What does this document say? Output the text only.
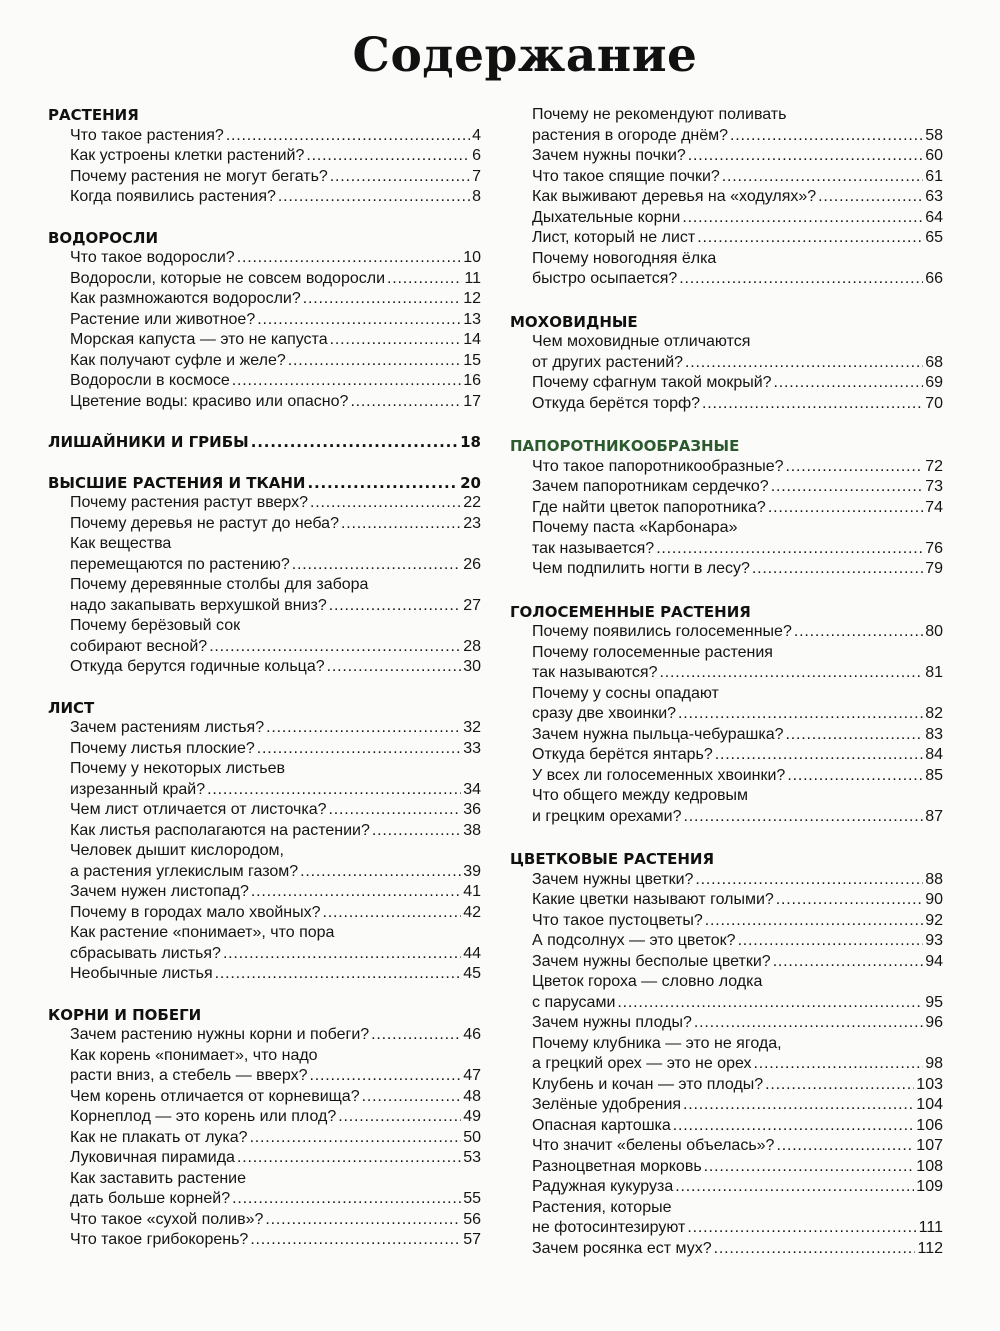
Содержание
РАСТЕНИЯ
Что такое растения? .....	4
Как устроены клетки растений? .....	6
Почему растения не могут бегать? .....	7
Когда появились растения? .....	8
ВОДОРОСЛИ
Что такое водоросли? .....	10
Водоросли, которые не совсем водоросли .....	11
Как размножаются водоросли? .....	12
Растение или животное? .....	13
Морская капуста — это не капуста .....	14
Как получают суфле и желе? .....	15
Водоросли в космосе .....	16
Цветение воды: красиво или опасно? .....	17
ЛИШАЙНИКИ И ГРИБЫ .....	18
ВЫСШИЕ РАСТЕНИЯ И ТКАНИ .....	20
Почему растения растут вверх? .....	22
Почему деревья не растут до неба? .....	23
Как вещества
перемещаются по растению? .....	26
Почему деревянные столбы для забора
надо закапывать верхушкой вниз? .....	27
Почему берёзовый сок
собирают весной? .....	28
Откуда берутся годичные кольца? .....	30
ЛИСТ
Зачем растениям листья? .....	32
Почему листья плоские? .....	33
Почему у некоторых листьев
изрезанный край? .....	34
Чем лист отличается от листочка? .....	36
Как листья располагаются на растении? .....	38
Человек дышит кислородом,
а растения углекислым газом? .....	39
Зачем нужен листопад? .....	41
Почему в городах мало хвойных? .....	42
Как растение «понимает», что пора
сбрасывать листья? .....	44
Необычные листья .....	45
КОРНИ И ПОБЕГИ
Зачем растению нужны корни и побеги? .....	46
Как корень «понимает», что надо
расти вниз, а стебель — вверх? .....	47
Чем корень отличается от корневища? .....	48
Корнеплод — это корень или плод? .....	49
Как не плакать от лука? .....	50
Луковичная пирамида .....	53
Как заставить растение
дать больше корней? .....	55
Что такое «сухой полив»? .....	56
Что такое грибокорень? .....	57
Почему не рекомендуют поливать
растения в огороде днём? .....	58
Зачем нужны почки? .....	60
Что такое спящие почки? .....	61
Как выживают деревья на «ходулях»? .....	63
Дыхательные корни .....	64
Лист, который не лист .....	65
Почему новогодняя ёлка
быстро осыпается? .....	66
МОХОВИДНЫЕ
Чем моховидные отличаются
от других растений? .....	68
Почему сфагнум такой мокрый? .....	69
Откуда берётся торф? .....	70
ПАПОРОТНИКООБРАЗНЫЕ
Что такое папоротникообразные? .....	72
Зачем папоротникам сердечко? .....	73
Где найти цветок папоротника? .....	74
Почему паста «Карбонара»
так называется? .....	76
Чем подпилить ногти в лесу? .....	79
ГОЛОСЕМЕННЫЕ РАСТЕНИЯ
Почему появились голосеменные? .....	80
Почему голосеменные растения
так называются? .....	81
Почему у сосны опадают
сразу две хвоинки? .....	82
Зачем нужна пыльца-чебурашка? .....	83
Откуда берётся янтарь? .....	84
У всех ли голосеменных хвоинки? .....	85
Что общего между кедровым
и грецким орехами? .....	87
ЦВЕТКОВЫЕ РАСТЕНИЯ
Зачем нужны цветки? .....	88
Какие цветки называют голыми? .....	90
Что такое пустоцветы? .....	92
А подсолнух — это цветок? .....	93
Зачем нужны бесполые цветки? .....	94
Цветок гороха — словно лодка
с парусами .....	95
Зачем нужны плоды? .....	96
Почему клубника — это не ягода,
а грецкий орех — это не орех .....	98
Клубень и кочан — это плоды? .....	103
Зелёные удобрения .....	104
Опасная картошка .....	106
Что значит «белены объелась»? .....	107
Разноцветная морковь .....	108
Радужная кукуруза .....	109
Растения, которые
не фотосинтезируют .....	111
Зачем росянка ест мух? .....	112
